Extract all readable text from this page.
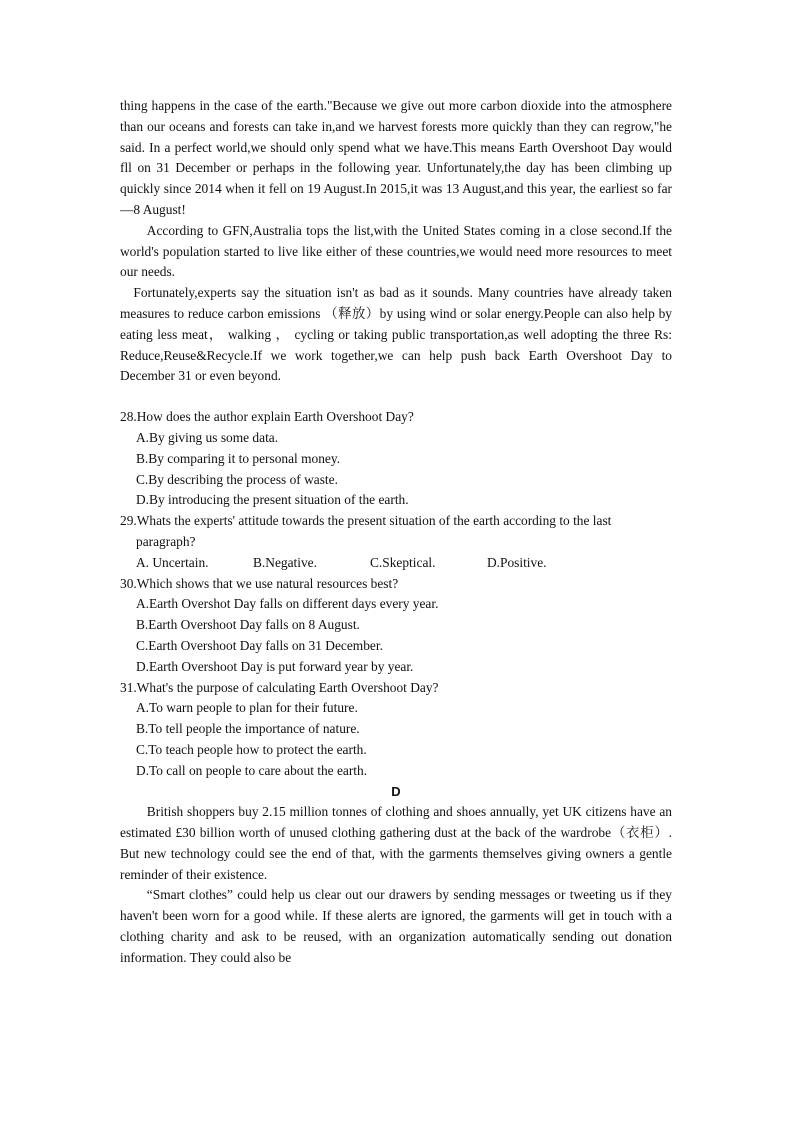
thing happens in the case of the earth."Because we give out more carbon dioxide into the atmosphere than our oceans and forests can take in,and we harvest forests more quickly than they can regrow,"he said. In a perfect world,we should only spend what we have.This means Earth Overshoot Day would fll on 31 December or perhaps in the following year. Unfortunately,the day has been climbing up quickly since 2014 when it fell on 19 August.In 2015,it was 13 August,and this year, the earliest so far—8 August!

According to GFN,Australia tops the list,with the United States coming in a close second.If the world's population started to live like either of these countries,we would need more resources to meet our needs.

Fortunately,experts say the situation isn't as bad as it sounds. Many countries have already taken measures to reduce carbon emissions （释放）by using wind or solar energy.People can also help by eating less meat， walking ， cycling or taking public transportation,as well adopting the three Rs: Reduce,Reuse&Recycle.If we work together,we can help push back Earth Overshoot Day to December 31 or even beyond.

28.How does the author explain Earth Overshoot Day?

A.By giving us some data.

B.By comparing it to personal money.

C.By describing the process of waste.

D.By introducing the present situation of the earth.

29.Whats the experts' attitude towards the present situation of the earth according to the last paragraph?

A. Uncertain.	B.Negative.	C.Skeptical.	D.Positive.

30.Which shows that we use natural resources best?

A.Earth Overshot Day falls on different days every year.

B.Earth Overshoot Day falls on 8 August.

C.Earth Overshoot Day falls on 31 December.

D.Earth Overshoot Day is put forward year by year.

31.What's the purpose of calculating Earth Overshoot Day?

A.To warn people to plan for their future.

B.To tell people the importance of nature.

C.To teach people how to protect the earth.

D.To call on people to care about the earth.

D

British shoppers buy 2.15 million tonnes of clothing and shoes annually, yet UK citizens have an estimated £30 billion worth of unused clothing gathering dust at the back of the wardrobe（衣柜）. But new technology could see the end of that, with the garments themselves giving owners a gentle reminder of their existence.

“Smart clothes” could help us clear out our drawers by sending messages or tweeting us if they haven't been worn for a good while. If these alerts are ignored, the garments will get in touch with a clothing charity and ask to be reused, with an organization automatically sending out donation information. They could also be
